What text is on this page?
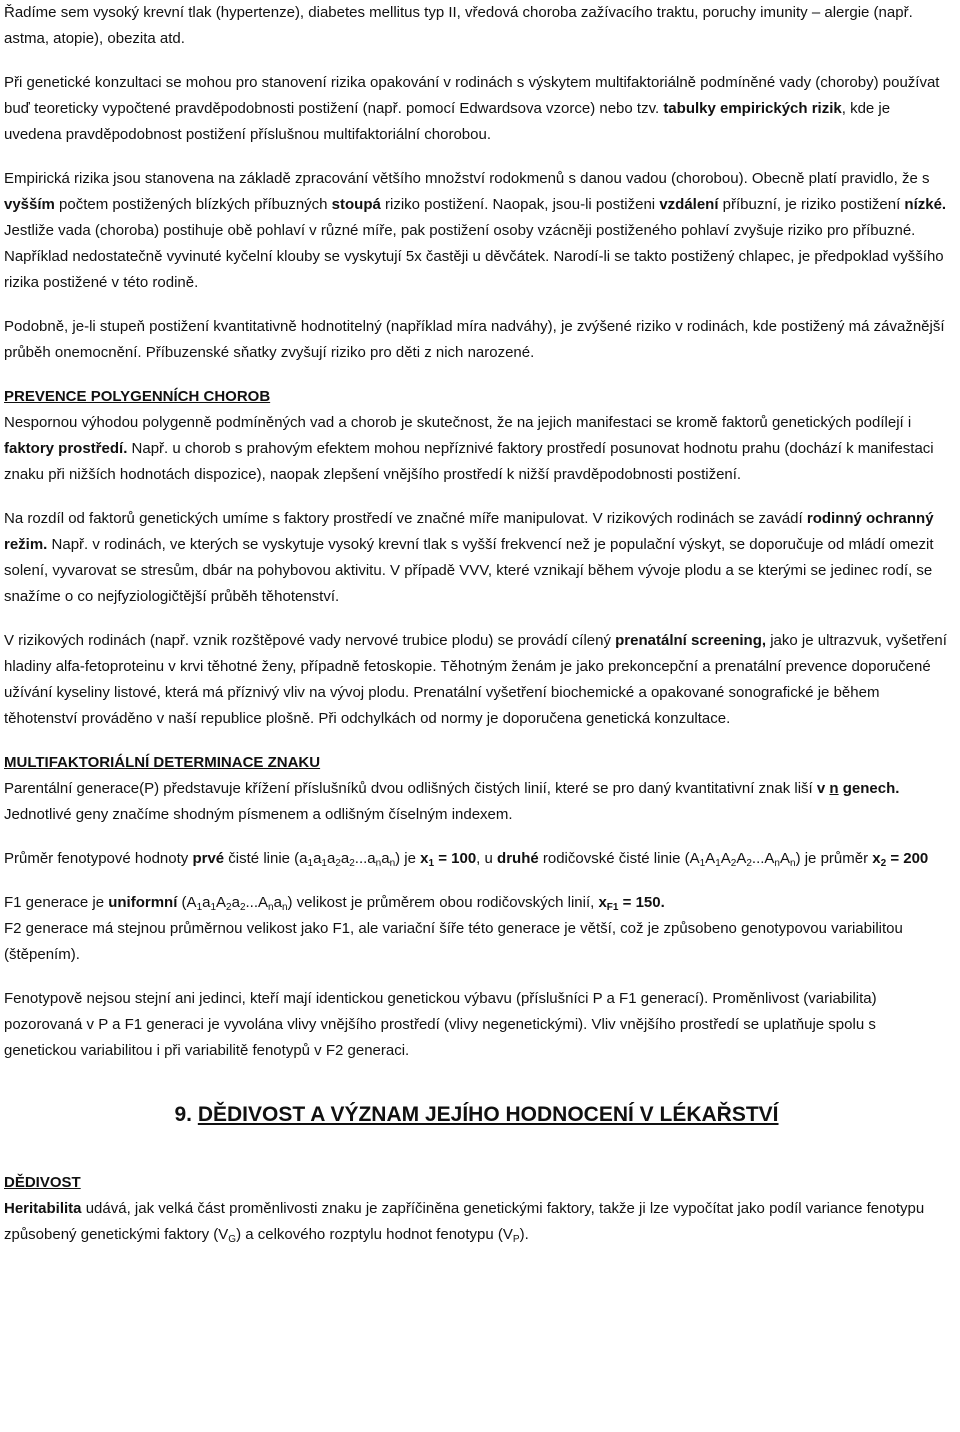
Řadíme sem vysoký krevní tlak (hypertenze), diabetes mellitus typ II, vředová choroba zažívacího traktu, poruchy imunity – alergie (např. astma, atopie), obezita atd.

Při genetické konzultaci se mohou pro stanovení rizika opakování v rodinách s výskytem multifaktoriálně podmíněné vady (choroby) používat buď teoreticky vypočtené pravděpodobnosti postižení (např. pomocí Edwardsova vzorce) nebo tzv. tabulky empirických rizik, kde je uvedena pravděpodobnost postižení příslušnou multifaktoriální chorobou.

Empirická rizika jsou stanovena na základě zpracování většího množství rodokmenů s danou vadou (chorobou). Obecně platí pravidlo, že s vyšším počtem postižených blízkých příbuzných stoupá riziko postižení. Naopak, jsou-li postiženi vzdálení příbuzní, je riziko postižení nízké. Jestliže vada (choroba) postihuje obě pohlaví v různé míře, pak postižení osoby vzácněji postiženého pohlaví zvyšuje riziko pro příbuzné. Například nedostatečně vyvinuté kyčelní klouby se vyskytují 5x častěji u děvčátek. Narodí-li se takto postižený chlapec, je předpoklad vyššího rizika postižené v této rodině.

Podobně, je-li stupeň postižení kvantitativně hodnotitelný (například míra nadváhy), je zvýšené riziko v rodinách, kde postižený má závažnější průběh onemocnění. Příbuzenské sňatky zvyšují riziko pro děti z nich narozené.

PREVENCE POLYGENNÍCH CHOROB

Nespornou výhodou polygenně podmíněných vad a chorob je skutečnost, že na jejich manifestaci se kromě faktorů genetických podílejí i faktory prostředí. Např. u chorob s prahovým efektem mohou nepříznivé faktory prostředí posunovat hodnotu prahu (dochází k manifestaci znaku při nižších hodnotách dispozice), naopak zlepšení vnějšího prostředí k nižší pravděpodobnosti postižení.

Na rozdíl od faktorů genetických umíme s faktory prostředí ve značné míře manipulovat. V rizikových rodinách se zavádí rodinný ochranný režim. Např. v rodinách, ve kterých se vyskytuje vysoký krevní tlak s vyšší frekvencí než je populační výskyt, se doporučuje od mládí omezit solení, vyvarovat se stresům, dbár na pohybovou aktivitu. V případě VVV, které vznikají během vývoje plodu a se kterými se jedinec rodí, se snažíme o co nejfyziologičtější průběh těhotenství.

V rizikových rodinách (např. vznik rozštěpové vady nervové trubice plodu) se provádí cílený prenatální screening, jako je ultrazvuk, vyšetření hladiny alfa-fetoproteinu v krvi těhotné ženy, případně fetoskopie. Těhotným ženám je jako prekoncepční a prenatální prevence doporučené užívání kyseliny listové, která má příznivý vliv na vývoj plodu. Prenatální vyšetření biochemické a opakované sonografické je během těhotenství prováděno v naší republice plošně. Při odchylkách od normy je doporučena genetická konzultace.

MULTIFAKTORIÁLNÍ DETERMINACE ZNAKU

Parentální generace(P) představuje křížení příslušníků dvou odlišných čistých linií, které se pro daný kvantitativní znak liší v n genech. Jednotlivé geny značíme shodným písmenem a odlišným číselným indexem.

Průměr fenotypové hodnoty prvé čisté linie $(a_1a_1a_2a_2...a_na_n)$ je $x_1 = 100$, u druhé rodičovské čisté linie $(A_1A_1A_2A_2...A_nA_n)$ je průměr $x_2 = 200$

F1 generace je uniformní $(A_1a_1A_2a_2...A_na_n)$ velikost je průměrem obou rodičovských linií, $x_{F1} = 150$.

F2 generace má stejnou průměrnou velikost jako F1, ale variační šíře této generace je větší, což je způsobeno genotypovou variabilitou (štěpením).

Fenotypově nejsou stejní ani jedinci, kteří mají identickou genetickou výbavu (příslušníci P a F1 generací). Proměnlivost (variabilita) pozorovaná v P a F1 generaci je vyvolána vlivy vnějšího prostředí (vlivy negenetickými). Vliv vnějšího prostředí se uplatňuje spolu s genetickou variabilitou i při variabilitě fenotypů v F2 generaci.

9. DĚDIVOST A VÝZNAM JEJÍHO HODNOCENÍ V LÉKAŘSTVÍ

DĚDIVOST

Heritabilita udává, jak velká část proměnlivosti znaku je zapříčiněna genetickými faktory, takže ji lze vypočítat jako podíl variance fenotypu způsobený genetickými faktory $(V_G)$ a celkového rozptylu hodnot fenotypu $(V_P)$.
